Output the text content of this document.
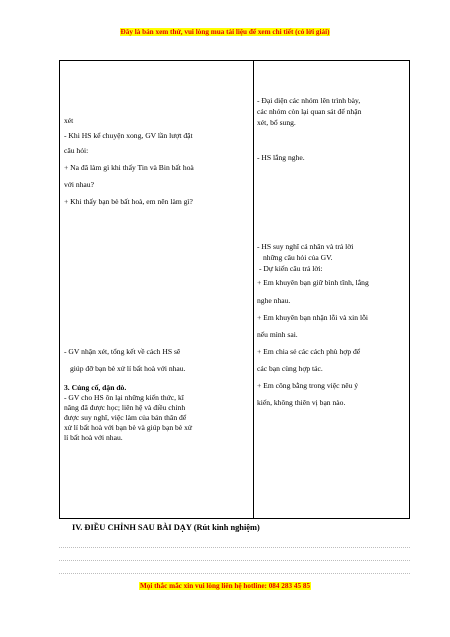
Đây là bản xem thử, vui lòng mua tài liệu để xem chi tiết (có lời giải)
xét
- Khi HS kể chuyện xong, GV lần lượt đặt
câu hỏi:
+ Na đã làm gì khi thấy Tin và Bin bất hoà
với nhau?
+ Khi thấy bạn bè bất hoà, em nên làm gì?
- GV nhận xét, tổng kết về cách HS sẽ
giúp đỡ bạn bè xử lí bất hoà với nhau.
3. Củng cố, dặn dò.
- GV cho HS ôn lại những kiến thức, kĩ
năng đã được học; liên hệ và điều chỉnh
được suy nghĩ, việc làm của bản thân để
xử lí bất hoà với bạn bè và giúp bạn bè xử
lí bất hoà với nhau.
- Đại diện các nhóm lên trình bày,
các nhóm còn lại quan sát để nhận
xét, bổ sung.
- HS lắng nghe.
- HS suy nghĩ cá nhân và trả lời
những câu hỏi của GV.
- Dự kiến câu trả lời:
+ Em khuyên bạn giữ bình tĩnh, lắng
nghe nhau.
+ Em khuyên bạn nhận lỗi và xin lỗi
nếu mình sai.
+ Em chia sẻ các cách phù hợp để
các bạn cùng hợp tác.
+ Em công bằng trong việc nêu ý
kiến, không thiên vị bạn nào.
IV. ĐIỀU CHỈNH SAU BÀI DẠY (Rút kinh nghiệm)
Mọi thắc mắc xin vui lòng liên hệ hotline: 084 283 45 85
